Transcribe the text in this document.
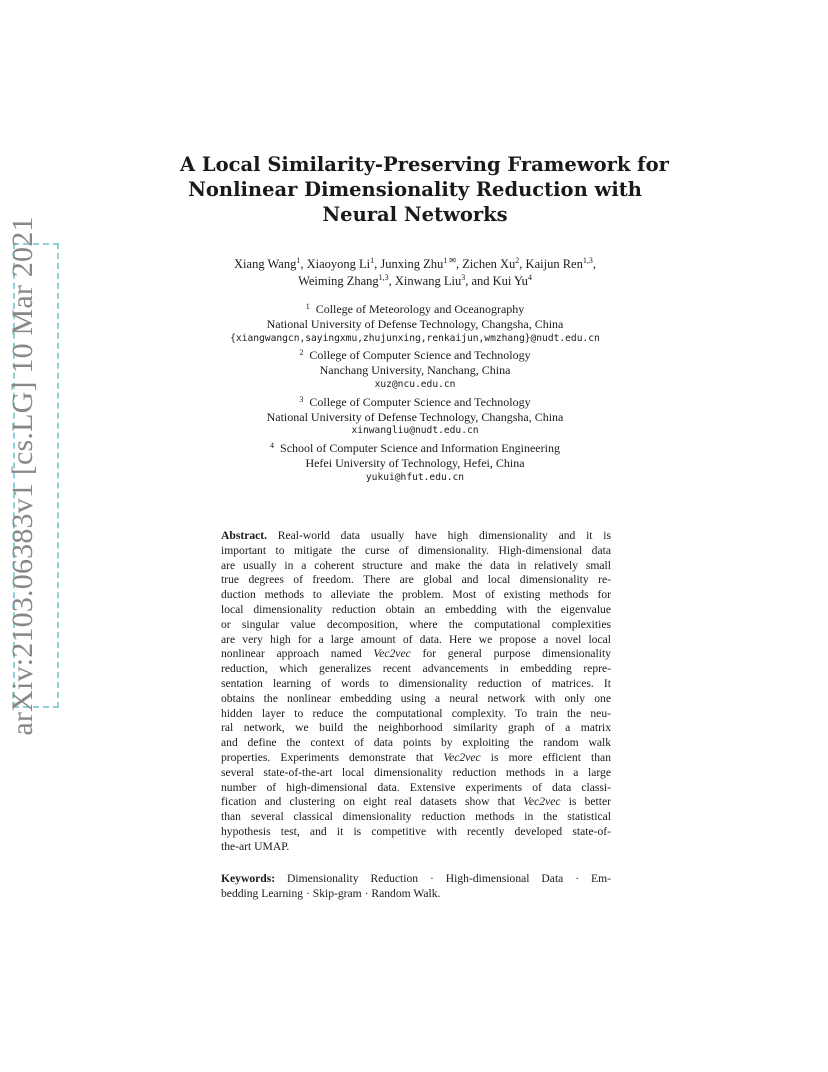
arXiv:2103.06383v1 [cs.LG] 10 Mar 2021
A Local Similarity-Preserving Framework for
Nonlinear Dimensionality Reduction with
Neural Networks
Xiang Wang$^1$, Xiaoyong Li$^1$, Junxing Zhu$^{1 ✉}$, Zichen Xu$^2$, Kaijun Ren$^{1,3}$,
Weiming Zhang$^{1,3}$, Xinwang Liu$^3$, and Kui Yu$^4$
$^1$ College of Meteorology and Oceanography
National University of Defense Technology, Changsha, China
{xiangwangcn,sayingxmu,zhujunxing,renkaijun,wmzhang}@nudt.edu.cn
$^2$ College of Computer Science and Technology
Nanchang University, Nanchang, China
xuz@ncu.edu.cn
$^3$ College of Computer Science and Technology
National University of Defense Technology, Changsha, China
xinwangliu@nudt.edu.cn
$^4$ School of Computer Science and Information Engineering
Hefei University of Technology, Hefei, China
yukui@hfut.edu.cn
Abstract. Real-world data usually have high dimensionality and it is
important to mitigate the curse of dimensionality. High-dimensional data
are usually in a coherent structure and make the data in relatively small
true degrees of freedom. There are global and local dimensionality re-
duction methods to alleviate the problem. Most of existing methods for
local dimensionality reduction obtain an embedding with the eigenvalue
or singular value decomposition, where the computational complexities
are very high for a large amount of data. Here we propose a novel local
nonlinear approach named Vec2vec for general purpose dimensionality
reduction, which generalizes recent advancements in embedding repre-
sentation learning of words to dimensionality reduction of matrices. It
obtains the nonlinear embedding using a neural network with only one
hidden layer to reduce the computational complexity. To train the neu-
ral network, we build the neighborhood similarity graph of a matrix
and define the context of data points by exploiting the random walk
properties. Experiments demonstrate that Vec2vec is more efficient than
several state-of-the-art local dimensionality reduction methods in a large
number of high-dimensional data. Extensive experiments of data classi-
fication and clustering on eight real datasets show that Vec2vec is better
than several classical dimensionality reduction methods in the statistical
hypothesis test, and it is competitive with recently developed state-of-
the-art UMAP.
Keywords: Dimensionality Reduction · High-dimensional Data · Em-
bedding Learning · Skip-gram · Random Walk.
